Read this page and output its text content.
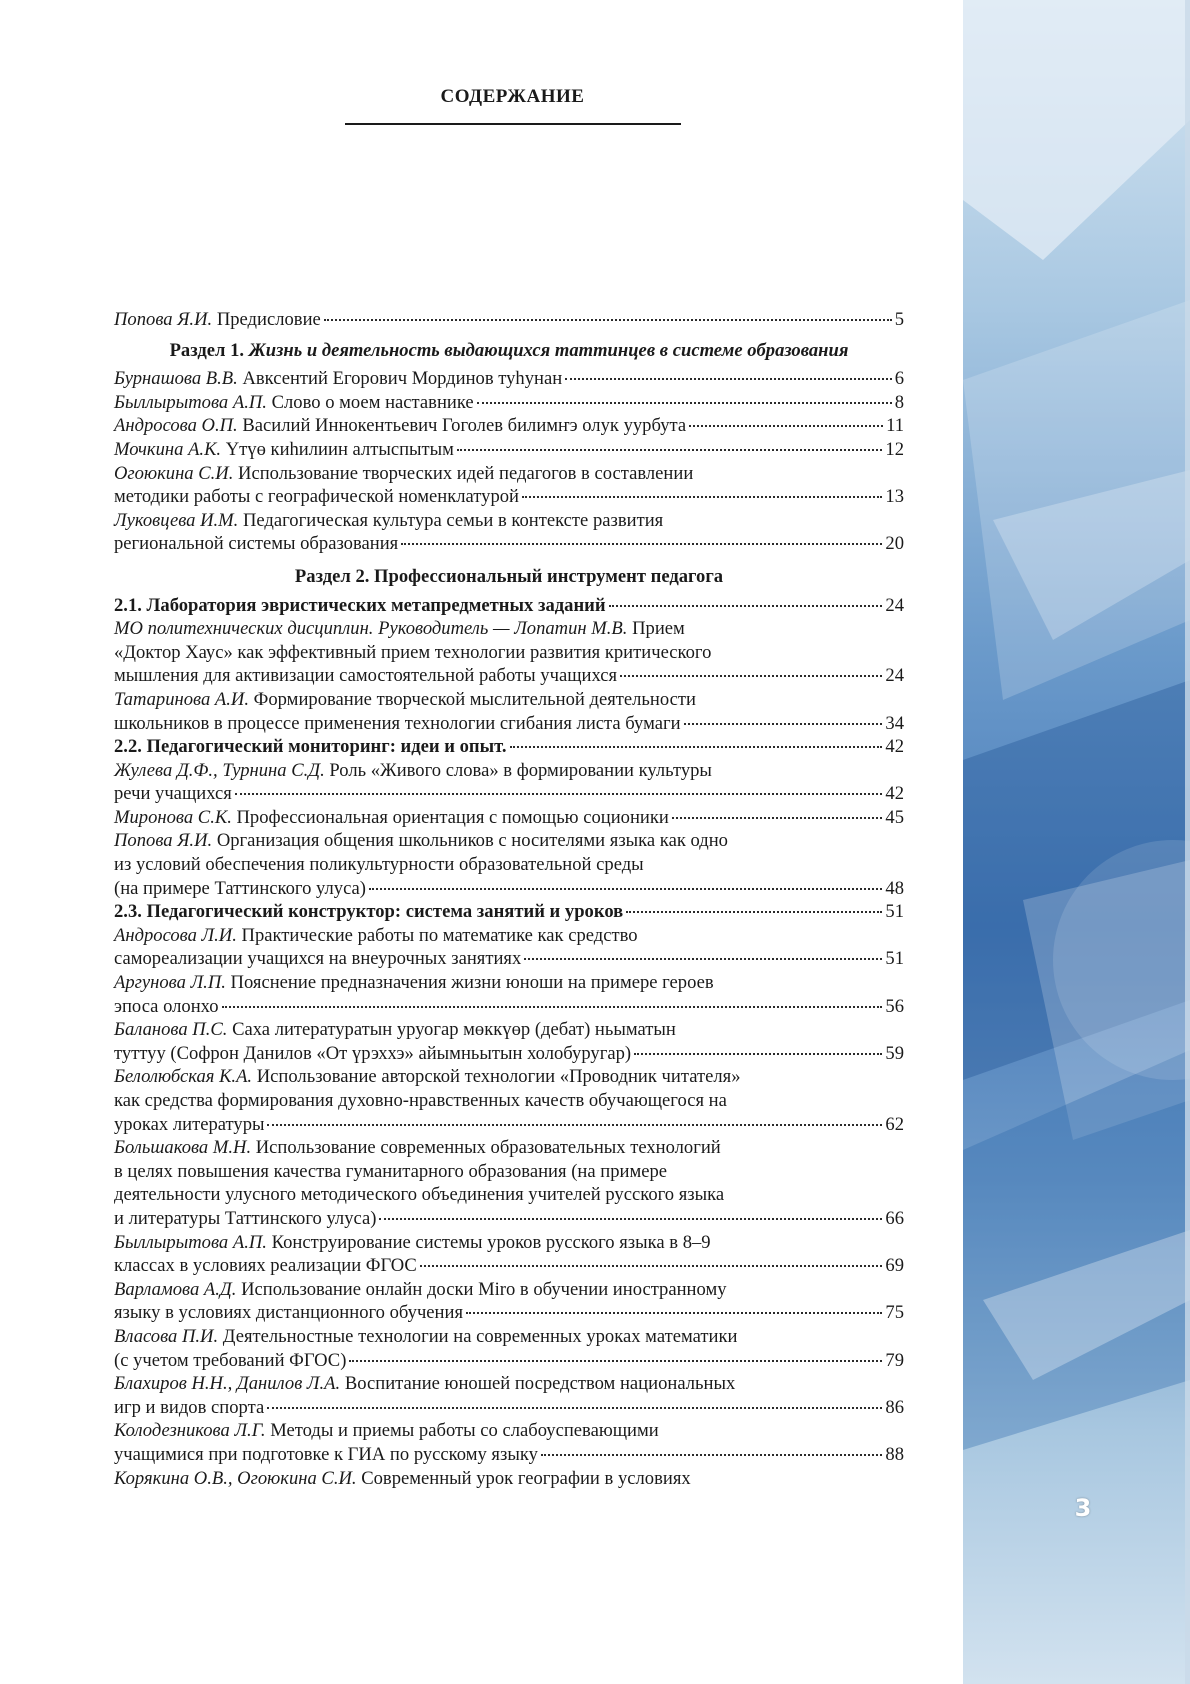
3
СОДЕРЖАНИЕ
Попова Я.И. Предисловие	5
Раздел 1. Жизнь и деятельность выдающихся таттинцев в системе образования
Бурнашова В.В. Авксентий Егорович Мординов туһунан	6
Быллырытова А.П. Слово о моем наставнике	8
Андросова О.П. Василий Иннокентьевич Гоголев билимҥэ олук уурбута	11
Мочкина А.К. Үтүө киһилиин алтыспытым	12
Огоюкина С.И. Использование творческих идей педагогов в составлении
методики работы с географической номенклатурой	13
Луковцева И.М. Педагогическая культура семьи в контексте развития
региональной системы образования	20
Раздел 2. Профессиональный инструмент педагога
2.1. Лаборатория эвристических метапредметных заданий	24
МО политехнических дисциплин. Руководитель — Лопатин М.В. Прием
«Доктор Хаус» как эффективный прием технологии развития критического
мышления для активизации самостоятельной работы учащихся	24
Татаринова А.И. Формирование творческой мыслительной деятельности
школьников в процессе применения технологии сгибания листа бумаги	34
2.2. Педагогический мониторинг: идеи и опыт.	42
Жулева Д.Ф., Турнина С.Д. Роль «Живого слова» в формировании культуры
речи учащихся	42
Миронова С.К. Профессиональная ориентация с помощью соционики	45
Попова Я.И. Организация общения школьников с носителями языка как одно
из условий обеспечения поликультурности образовательной среды
(на примере Таттинского улуса)	48
2.3. Педагогический конструктор: система занятий и уроков	51
Андросова Л.И. Практические работы по математике как средство
самореализации учащихся на внеурочных занятиях	51
Аргунова Л.П. Пояснение предназначения жизни юноши на примере героев
эпоса олонхо	56
Баланова П.С. Саха литературатын уруогар мөккүөр (дебат) ньыматын
туттуу (Софрон Данилов «От үрэххэ» айымньытын холобуругар)	59
Белолюбская К.А. Использование авторской технологии «Проводник читателя»
как средства формирования духовно-нравственных качеств обучающегося на
уроках литературы	62
Большакова М.Н. Использование современных образовательных технологий
в целях повышения качества гуманитарного образования (на примере
деятельности улусного методического объединения учителей русского языка
и литературы Таттинского улуса)	66
Быллырытова А.П. Конструирование системы уроков русского языка в 8–9
классах в условиях реализации ФГОС	69
Варламова А.Д. Использование онлайн доски Miro в обучении иностранному
языку в условиях дистанционного обучения	75
Власова П.И. Деятельностные технологии на современных уроках математики
(с учетом требований ФГОС)	79
Блахиров Н.Н., Данилов Л.А. Воспитание юношей посредством национальных
игр и видов спорта	86
Колодезникова Л.Г. Методы и приемы работы со слабоуспевающими
учащимися при подготовке к ГИА по русскому языку	88
Корякина О.В., Огоюкина С.И. Современный урок географии в условиях
